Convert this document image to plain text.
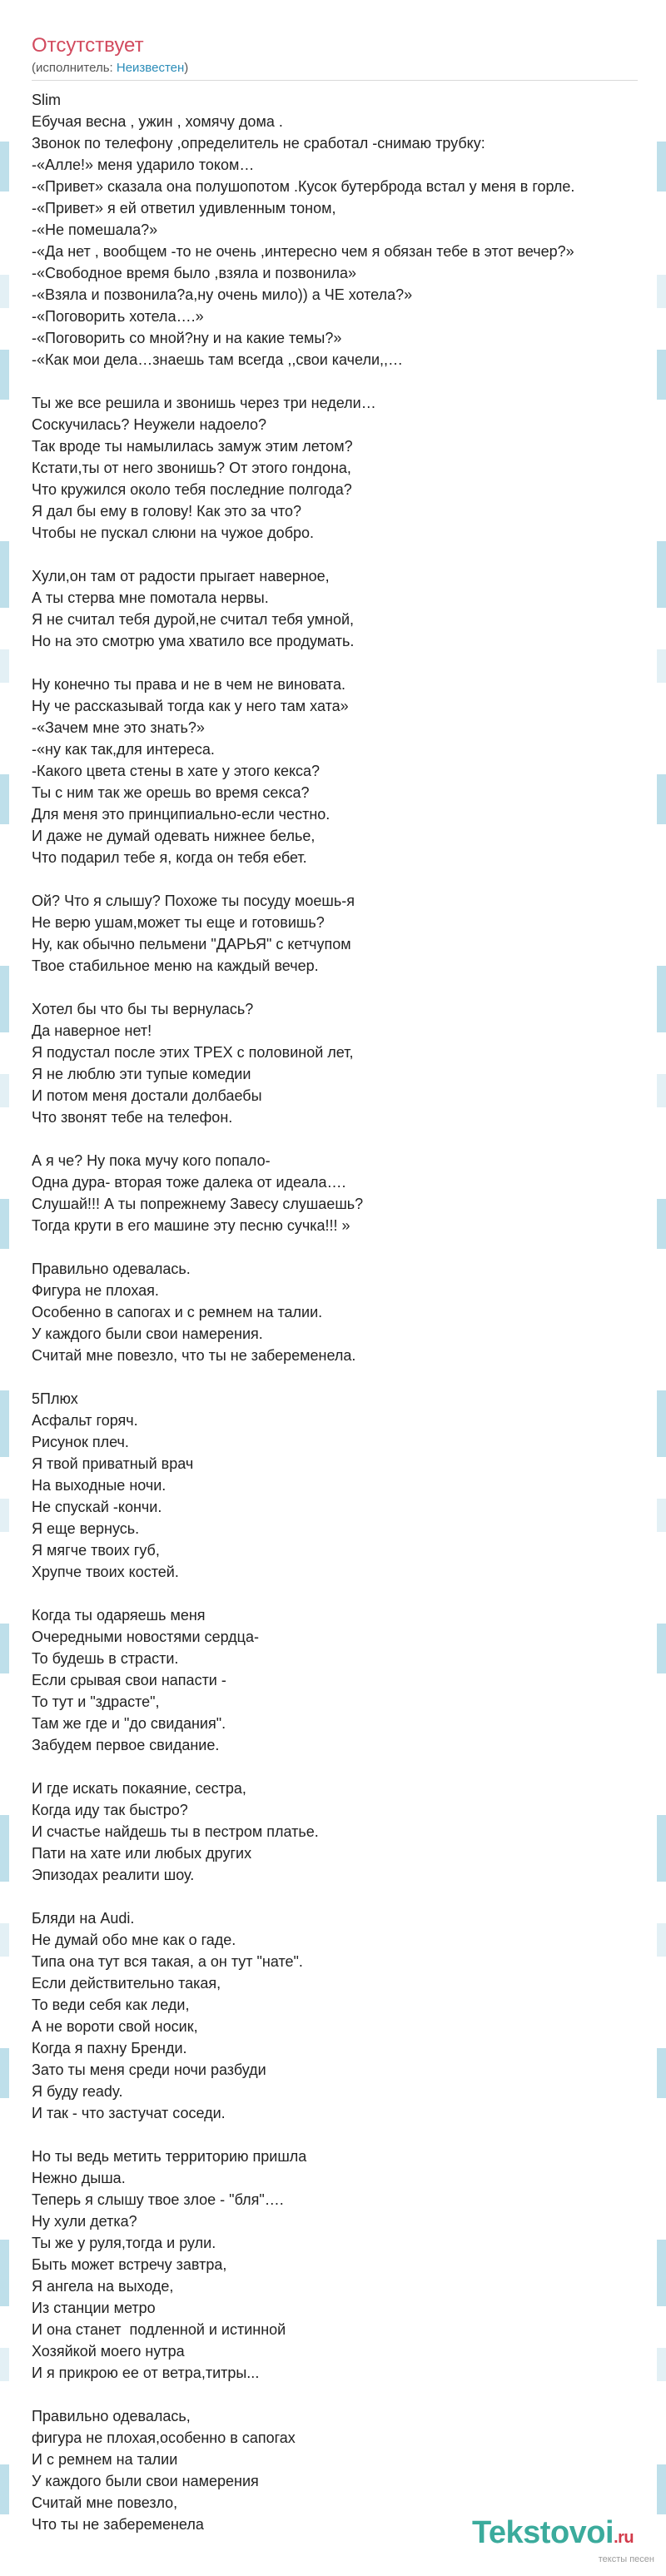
Отсутствует
(исполнитель: Неизвестен)
Slim
Ебучая весна , ужин , хомячу дома .
Звонок по телефону ,определитель не сработал -снимаю трубку:
-«Алле!» меня ударило током…
-«Привет» сказала она полушопотом .Кусок бутерброда встал у меня в горле.
-«Привет» я ей ответил удивленным тоном,
-«Не помешала?»
-«Да нет , вообщем -то не очень ,интересно чем я обязан тебе в этот вечер?»
-«Свободное время было ,взяла и позвонила»
-«Взяла и позвонила?а,ну очень мило)) а ЧЕ хотела?»
-«Поговорить хотела….»
-«Поговорить со мной?ну и на какие темы?»
-«Как мои дела…знаешь там всегда ,,свои качели,,…

Ты же все решила и звонишь через три недели…
Соскучилась? Неужели надоело?
Так вроде ты намылилась замуж этим летом?
Кстати,ты от него звонишь? От этого гондона,
Что кружился около тебя последние полгода?
Я дал бы ему в голову! Как это за что?
Чтобы не пускал слюни на чужое добро.

Хули,он там от радости прыгает наверное,
А ты стерва мне помотала нервы.
Я не считал тебя дурой,не считал тебя умной,
Но на это смотрю ума хватило все продумать.

Ну конечно ты права и не в чем не виновата.
Ну че рассказывай тогда как у него там хата»
-«Зачем мне это знать?»
-«ну как так,для интереса.
-Какого цвета стены в хате у этого кекса?
Ты с ним так же орешь во время секса?
Для меня это принципиально-если честно.
И даже не думай одевать нижнее белье,
Что подарил тебе я, когда он тебя ебет.

Ой? Что я слышу? Похоже ты посуду моешь-я
Не верю ушам,может ты еще и готовишь?
Ну, как обычно пельмени "ДАРЬЯ" с кетчупом
Твое стабильное меню на каждый вечер.

Хотел бы что бы ты вернулась?
Да наверное нет!
Я подустал после этих ТРЕХ с половиной лет,
Я не люблю эти тупые комедии
И потом меня достали долбаебы
Что звонят тебе на телефон.

А я че? Ну пока мучу кого попало-
Одна дура- вторая тоже далека от идеала….
Слушай!!! А ты попрежнему Завесу слушаешь?
Тогда крути в его машине эту песню сучка!!! »

Правильно одевалась.
Фигура не плохая.
Особенно в сапогах и с ремнем на талии.
У каждого были свои намерения.
Считай мне повезло, что ты не забеременела.

5Плюх
Асфальт горяч.
Рисунок плеч.
Я твой приватный врач
На выходные ночи.
Не спускай -кончи.
Я еще вернусь.
Я мягче твоих губ,
Хрупче твоих костей.

Когда ты одаряешь меня
Очередными новостями сердца-
То будешь в страсти.
Если срывая свои напасти -
То тут и "здрасте",
Там же где и "до свидания".
Забудем первое свидание.

И где искать покаяние, сестра,
Когда иду так быстро?
И счастье найдешь ты в пестром платье.
Пати на хате или любых других
Эпизодах реалити шоу.

Бляди на Audi.
Не думай обо мне как о гаде.
Типа она тут вся такая, а он тут "нате".
Если действительно такая,
То веди себя как леди,
А не вороти свой носик,
Когда я пахну Бренди.
Зато ты меня среди ночи разбуди
Я буду ready.
И так - что застучат соседи.

Но ты ведь метить территорию пришла
Нежно дыша.
Теперь я слышу твое злое - "бля"….
Ну хули детка?
Ты же у руля,тогда и рули.
Быть может встречу завтра,
Я ангела на выходе,
Из станции метро
И она станет  подленной и истинной
Хозяйкой моего нутра
И я прикрою ее от ветра,титры...

Правильно одевалась,
фигура не плохая,особенно в сапогах
И с ремнем на талии
У каждого были свои намерения
Считай мне повезло,
Что ты не забеременела	Tekstovoi.ru
тексты песен
